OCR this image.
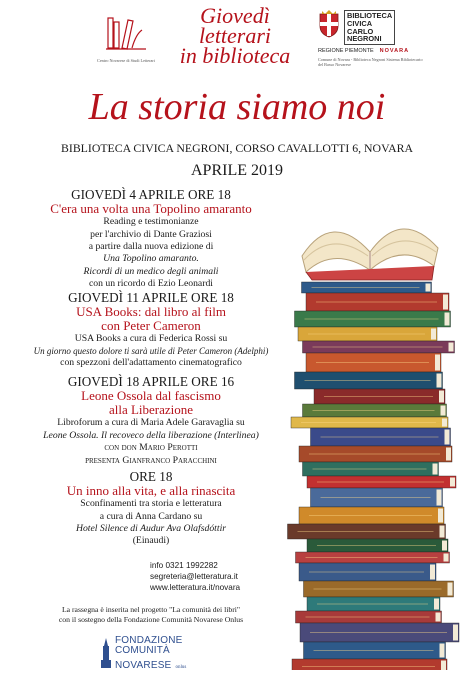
Centro Novarese di Studi Letterari
Giovedì
letterari
in biblioteca
BIBLIOTECA
CIVICA
CARLO
NEGRONI
REGIONE PIEMONTE NOVARA
Comune di Novara - Biblioteca Negroni Sistema Bibliotecario del Basso Novarese
La storia siamo noi
BIBLIOTECA CIVICA NEGRONI, CORSO CAVALLOTTI 6, NOVARA
APRILE 2019
GIOVEDÌ 4 APRILE ORE 18
C'era una volta una Topolino amaranto
Reading e testimonianze
per l'archivio di Dante Graziosi
a partire dalla nuova edizione di
Una Topolino amaranto.
Ricordi di un medico degli animali
con un ricordo di Ezio Leonardi
GIOVEDÌ 11 APRILE ORE 18
USA Books: dal libro al film
con Peter Cameron
USA Books a cura di Federica Rossi su
Un giorno questo dolore ti sarà utile di Peter Cameron (Adelphi)
con spezzoni dell'adattamento cinematografico
GIOVEDÌ 18 APRILE ORE 16
Leone Ossola dal fascismo
alla Liberazione
Libroforum a cura di Maria Adele Garavaglia su
Leone Ossola. Il recoveco della liberazione (Interlinea)
con don Mario Perotti
presenta Gianfranco Paracchini
ORE 18
Un inno alla vita, e alla rinascita
Sconfinamenti tra storia e letteratura
a cura di Anna Cardano su
Hotel Silence di Audur Ava Olafsdóttir
(Einaudi)
info 0321 1992282
segreteria@letteratura.it
www.letteratura.it/novara
La rassegna è inserita nel progetto "La comunità dei libri"
con il sostegno della Fondazione Comunità Novarese Onlus
FONDAZIONE
COMUNITÀ
NOVARESE onlus
